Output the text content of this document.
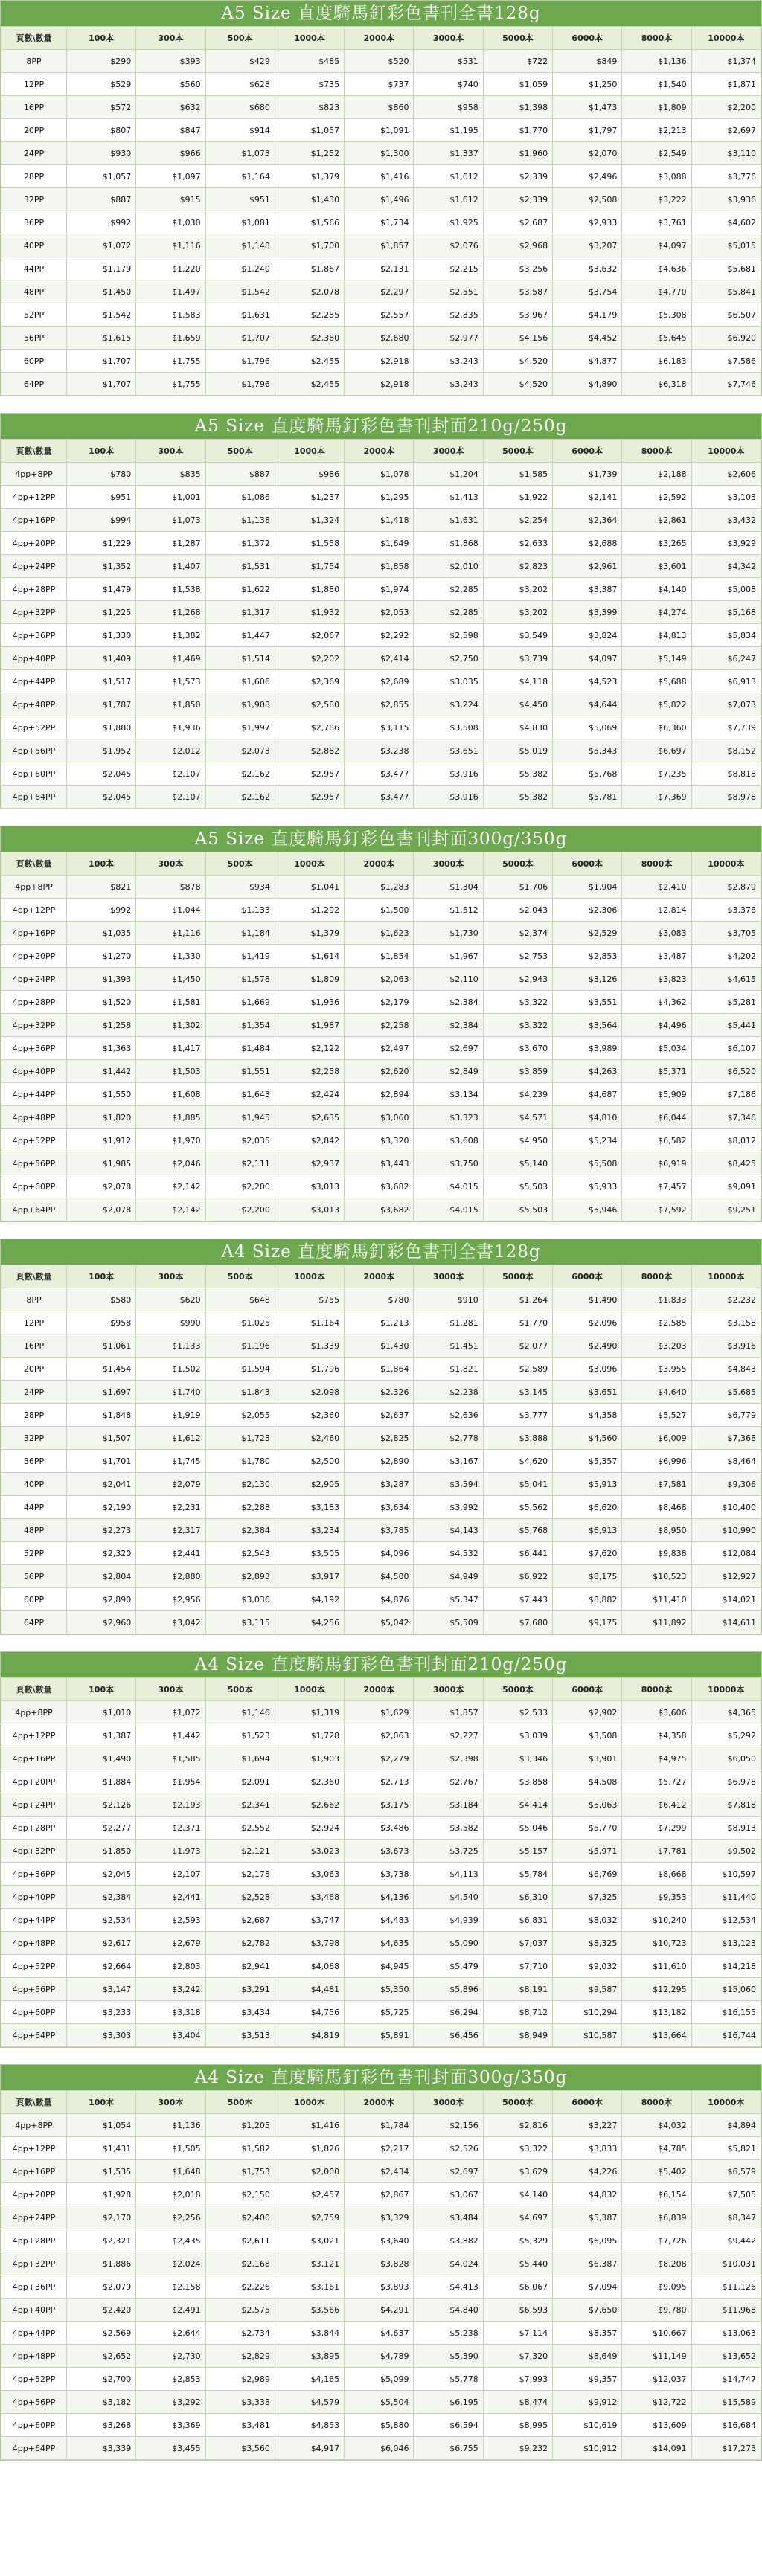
A5 Size 直度騎馬釘彩色書刊全書128g
頁數\數量	100本	300本	500本	1000本	2000本	3000本	5000本	6000本	8000本	10000本
8PP	$290	$393	$429	$485	$520	$531	$722	$849	$1,136	$1,374
12PP	$529	$560	$628	$735	$737	$740	$1,059	$1,250	$1,540	$1,871
16PP	$572	$632	$680	$823	$860	$958	$1,398	$1,473	$1,809	$2,200
20PP	$807	$847	$914	$1,057	$1,091	$1,195	$1,770	$1,797	$2,213	$2,697
24PP	$930	$966	$1,073	$1,252	$1,300	$1,337	$1,960	$2,070	$2,549	$3,110
28PP	$1,057	$1,097	$1,164	$1,379	$1,416	$1,612	$2,339	$2,496	$3,088	$3,776
32PP	$887	$915	$951	$1,430	$1,496	$1,612	$2,339	$2,508	$3,222	$3,936
36PP	$992	$1,030	$1,081	$1,566	$1,734	$1,925	$2,687	$2,933	$3,761	$4,602
40PP	$1,072	$1,116	$1,148	$1,700	$1,857	$2,076	$2,968	$3,207	$4,097	$5,015
44PP	$1,179	$1,220	$1,240	$1,867	$2,131	$2,215	$3,256	$3,632	$4,636	$5,681
48PP	$1,450	$1,497	$1,542	$2,078	$2,297	$2,551	$3,587	$3,754	$4,770	$5,841
52PP	$1,542	$1,583	$1,631	$2,285	$2,557	$2,835	$3,967	$4,179	$5,308	$6,507
56PP	$1,615	$1,659	$1,707	$2,380	$2,680	$2,977	$4,156	$4,452	$5,645	$6,920
60PP	$1,707	$1,755	$1,796	$2,455	$2,918	$3,243	$4,520	$4,877	$6,183	$7,586
64PP	$1,707	$1,755	$1,796	$2,455	$2,918	$3,243	$4,520	$4,890	$6,318	$7,746
A5 Size 直度騎馬釘彩色書刊封面210g/250g
頁數\數量	100本	300本	500本	1000本	2000本	3000本	5000本	6000本	8000本	10000本
4pp+8PP	$780	$835	$887	$986	$1,078	$1,204	$1,585	$1,739	$2,188	$2,606
4pp+12PP	$951	$1,001	$1,086	$1,237	$1,295	$1,413	$1,922	$2,141	$2,592	$3,103
4pp+16PP	$994	$1,073	$1,138	$1,324	$1,418	$1,631	$2,254	$2,364	$2,861	$3,432
4pp+20PP	$1,229	$1,287	$1,372	$1,558	$1,649	$1,868	$2,633	$2,688	$3,265	$3,929
4pp+24PP	$1,352	$1,407	$1,531	$1,754	$1,858	$2,010	$2,823	$2,961	$3,601	$4,342
4pp+28PP	$1,479	$1,538	$1,622	$1,880	$1,974	$2,285	$3,202	$3,387	$4,140	$5,008
4pp+32PP	$1,225	$1,268	$1,317	$1,932	$2,053	$2,285	$3,202	$3,399	$4,274	$5,168
4pp+36PP	$1,330	$1,382	$1,447	$2,067	$2,292	$2,598	$3,549	$3,824	$4,813	$5,834
4pp+40PP	$1,409	$1,469	$1,514	$2,202	$2,414	$2,750	$3,739	$4,097	$5,149	$6,247
4pp+44PP	$1,517	$1,573	$1,606	$2,369	$2,689	$3,035	$4,118	$4,523	$5,688	$6,913
4pp+48PP	$1,787	$1,850	$1,908	$2,580	$2,855	$3,224	$4,450	$4,644	$5,822	$7,073
4pp+52PP	$1,880	$1,936	$1,997	$2,786	$3,115	$3,508	$4,830	$5,069	$6,360	$7,739
4pp+56PP	$1,952	$2,012	$2,073	$2,882	$3,238	$3,651	$5,019	$5,343	$6,697	$8,152
4pp+60PP	$2,045	$2,107	$2,162	$2,957	$3,477	$3,916	$5,382	$5,768	$7,235	$8,818
4pp+64PP	$2,045	$2,107	$2,162	$2,957	$3,477	$3,916	$5,382	$5,781	$7,369	$8,978
A5 Size 直度騎馬釘彩色書刊封面300g/350g
頁數\數量	100本	300本	500本	1000本	2000本	3000本	5000本	6000本	8000本	10000本
4pp+8PP	$821	$878	$934	$1,041	$1,283	$1,304	$1,706	$1,904	$2,410	$2,879
4pp+12PP	$992	$1,044	$1,133	$1,292	$1,500	$1,512	$2,043	$2,306	$2,814	$3,376
4pp+16PP	$1,035	$1,116	$1,184	$1,379	$1,623	$1,730	$2,374	$2,529	$3,083	$3,705
4pp+20PP	$1,270	$1,330	$1,419	$1,614	$1,854	$1,967	$2,753	$2,853	$3,487	$4,202
4pp+24PP	$1,393	$1,450	$1,578	$1,809	$2,063	$2,110	$2,943	$3,126	$3,823	$4,615
4pp+28PP	$1,520	$1,581	$1,669	$1,936	$2,179	$2,384	$3,322	$3,551	$4,362	$5,281
4pp+32PP	$1,258	$1,302	$1,354	$1,987	$2,258	$2,384	$3,322	$3,564	$4,496	$5,441
4pp+36PP	$1,363	$1,417	$1,484	$2,122	$2,497	$2,697	$3,670	$3,989	$5,034	$6,107
4pp+40PP	$1,442	$1,503	$1,551	$2,258	$2,620	$2,849	$3,859	$4,263	$5,371	$6,520
4pp+44PP	$1,550	$1,608	$1,643	$2,424	$2,894	$3,134	$4,239	$4,687	$5,909	$7,186
4pp+48PP	$1,820	$1,885	$1,945	$2,635	$3,060	$3,323	$4,571	$4,810	$6,044	$7,346
4pp+52PP	$1,912	$1,970	$2,035	$2,842	$3,320	$3,608	$4,950	$5,234	$6,582	$8,012
4pp+56PP	$1,985	$2,046	$2,111	$2,937	$3,443	$3,750	$5,140	$5,508	$6,919	$8,425
4pp+60PP	$2,078	$2,142	$2,200	$3,013	$3,682	$4,015	$5,503	$5,933	$7,457	$9,091
4pp+64PP	$2,078	$2,142	$2,200	$3,013	$3,682	$4,015	$5,503	$5,946	$7,592	$9,251
A4 Size 直度騎馬釘彩色書刊全書128g
頁數\數量	100本	300本	500本	1000本	2000本	3000本	5000本	6000本	8000本	10000本
8PP	$580	$620	$648	$755	$780	$910	$1,264	$1,490	$1,833	$2,232
12PP	$958	$990	$1,025	$1,164	$1,213	$1,281	$1,770	$2,096	$2,585	$3,158
16PP	$1,061	$1,133	$1,196	$1,339	$1,430	$1,451	$2,077	$2,490	$3,203	$3,916
20PP	$1,454	$1,502	$1,594	$1,796	$1,864	$1,821	$2,589	$3,096	$3,955	$4,843
24PP	$1,697	$1,740	$1,843	$2,098	$2,326	$2,238	$3,145	$3,651	$4,640	$5,685
28PP	$1,848	$1,919	$2,055	$2,360	$2,637	$2,636	$3,777	$4,358	$5,527	$6,779
32PP	$1,507	$1,612	$1,723	$2,460	$2,825	$2,778	$3,888	$4,560	$6,009	$7,368
36PP	$1,701	$1,745	$1,780	$2,500	$2,890	$3,167	$4,620	$5,357	$6,996	$8,464
40PP	$2,041	$2,079	$2,130	$2,905	$3,287	$3,594	$5,041	$5,913	$7,581	$9,306
44PP	$2,190	$2,231	$2,288	$3,183	$3,634	$3,992	$5,562	$6,620	$8,468	$10,400
48PP	$2,273	$2,317	$2,384	$3,234	$3,785	$4,143	$5,768	$6,913	$8,950	$10,990
52PP	$2,320	$2,441	$2,543	$3,505	$4,096	$4,532	$6,441	$7,620	$9,838	$12,084
56PP	$2,804	$2,880	$2,893	$3,917	$4,500	$4,949	$6,922	$8,175	$10,523	$12,927
60PP	$2,890	$2,956	$3,036	$4,192	$4,876	$5,347	$7,443	$8,882	$11,410	$14,021
64PP	$2,960	$3,042	$3,115	$4,256	$5,042	$5,509	$7,680	$9,175	$11,892	$14,611
A4 Size 直度騎馬釘彩色書刊封面210g/250g
頁數\數量	100本	300本	500本	1000本	2000本	3000本	5000本	6000本	8000本	10000本
4pp+8PP	$1,010	$1,072	$1,146	$1,319	$1,629	$1,857	$2,533	$2,902	$3,606	$4,365
4pp+12PP	$1,387	$1,442	$1,523	$1,728	$2,063	$2,227	$3,039	$3,508	$4,358	$5,292
4pp+16PP	$1,490	$1,585	$1,694	$1,903	$2,279	$2,398	$3,346	$3,901	$4,975	$6,050
4pp+20PP	$1,884	$1,954	$2,091	$2,360	$2,713	$2,767	$3,858	$4,508	$5,727	$6,978
4pp+24PP	$2,126	$2,193	$2,341	$2,662	$3,175	$3,184	$4,414	$5,063	$6,412	$7,818
4pp+28PP	$2,277	$2,371	$2,552	$2,924	$3,486	$3,582	$5,046	$5,770	$7,299	$8,913
4pp+32PP	$1,850	$1,973	$2,121	$3,023	$3,673	$3,725	$5,157	$5,971	$7,781	$9,502
4pp+36PP	$2,045	$2,107	$2,178	$3,063	$3,738	$4,113	$5,784	$6,769	$8,668	$10,597
4pp+40PP	$2,384	$2,441	$2,528	$3,468	$4,136	$4,540	$6,310	$7,325	$9,353	$11,440
4pp+44PP	$2,534	$2,593	$2,687	$3,747	$4,483	$4,939	$6,831	$8,032	$10,240	$12,534
4pp+48PP	$2,617	$2,679	$2,782	$3,798	$4,635	$5,090	$7,037	$8,325	$10,723	$13,123
4pp+52PP	$2,664	$2,803	$2,941	$4,068	$4,945	$5,479	$7,710	$9,032	$11,610	$14,218
4pp+56PP	$3,147	$3,242	$3,291	$4,481	$5,350	$5,896	$8,191	$9,587	$12,295	$15,060
4pp+60PP	$3,233	$3,318	$3,434	$4,756	$5,725	$6,294	$8,712	$10,294	$13,182	$16,155
4pp+64PP	$3,303	$3,404	$3,513	$4,819	$5,891	$6,456	$8,949	$10,587	$13,664	$16,744
A4 Size 直度騎馬釘彩色書刊封面300g/350g
頁數\數量	100本	300本	500本	1000本	2000本	3000本	5000本	6000本	8000本	10000本
4pp+8PP	$1,054	$1,136	$1,205	$1,416	$1,784	$2,156	$2,816	$3,227	$4,032	$4,894
4pp+12PP	$1,431	$1,505	$1,582	$1,826	$2,217	$2,526	$3,322	$3,833	$4,785	$5,821
4pp+16PP	$1,535	$1,648	$1,753	$2,000	$2,434	$2,697	$3,629	$4,226	$5,402	$6,579
4pp+20PP	$1,928	$2,018	$2,150	$2,457	$2,867	$3,067	$4,140	$4,832	$6,154	$7,505
4pp+24PP	$2,170	$2,256	$2,400	$2,759	$3,329	$3,484	$4,697	$5,387	$6,839	$8,347
4pp+28PP	$2,321	$2,435	$2,611	$3,021	$3,640	$3,882	$5,329	$6,095	$7,726	$9,442
4pp+32PP	$1,886	$2,024	$2,168	$3,121	$3,828	$4,024	$5,440	$6,387	$8,208	$10,031
4pp+36PP	$2,079	$2,158	$2,226	$3,161	$3,893	$4,413	$6,067	$7,094	$9,095	$11,126
4pp+40PP	$2,420	$2,491	$2,575	$3,566	$4,291	$4,840	$6,593	$7,650	$9,780	$11,968
4pp+44PP	$2,569	$2,644	$2,734	$3,844	$4,637	$5,238	$7,114	$8,357	$10,667	$13,063
4pp+48PP	$2,652	$2,730	$2,829	$3,895	$4,789	$5,390	$7,320	$8,649	$11,149	$13,652
4pp+52PP	$2,700	$2,853	$2,989	$4,165	$5,099	$5,778	$7,993	$9,357	$12,037	$14,747
4pp+56PP	$3,182	$3,292	$3,338	$4,579	$5,504	$6,195	$8,474	$9,912	$12,722	$15,589
4pp+60PP	$3,268	$3,369	$3,481	$4,853	$5,880	$6,594	$8,995	$10,619	$13,609	$16,684
4pp+64PP	$3,339	$3,455	$3,560	$4,917	$6,046	$6,755	$9,232	$10,912	$14,091	$17,273
